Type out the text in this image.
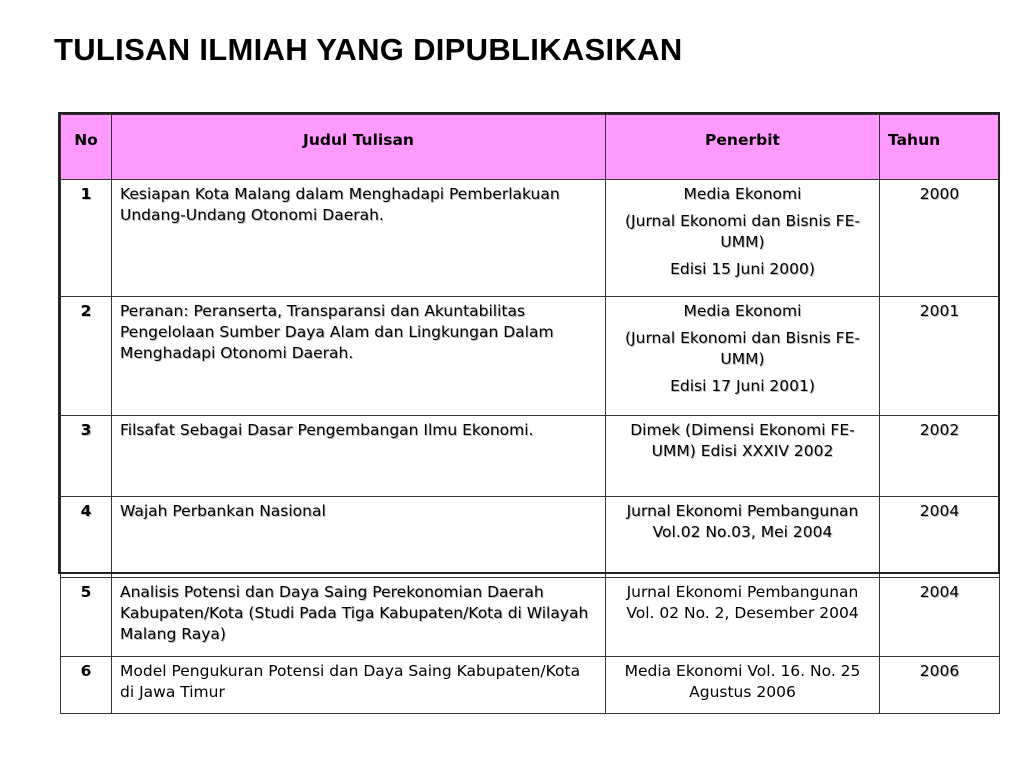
TULISAN ILMIAH YANG DIPUBLIKASIKAN
No	Judul Tulisan	Penerbit	Tahun
1	Kesiapan Kota Malang dalam Menghadapi Pemberlakuan Undang-Undang Otonomi Daerah.	Media Ekonomi
(Jurnal Ekonomi dan Bisnis FE-UMM)
Edisi 15 Juni 2000)	2000
2	Peranan: Peranserta, Transparansi dan Akuntabilitas Pengelolaan Sumber Daya Alam dan Lingkungan Dalam Menghadapi Otonomi Daerah.	Media Ekonomi
(Jurnal Ekonomi dan Bisnis FE-UMM)
Edisi 17 Juni 2001)	2001
3	Filsafat Sebagai Dasar Pengembangan Ilmu Ekonomi.	Dimek (Dimensi Ekonomi FE-UMM) Edisi XXXIV 2002	2002
4	Wajah Perbankan Nasional	Jurnal Ekonomi Pembangunan Vol.02 No.03, Mei 2004	2004
5	Analisis Potensi dan Daya Saing Perekonomian Daerah Kabupaten/Kota (Studi Pada Tiga Kabupaten/Kota di Wilayah Malang Raya)	Jurnal Ekonomi Pembangunan Vol. 02 No. 2, Desember 2004	2004
6	Model Pengukuran Potensi dan Daya Saing Kabupaten/Kota di Jawa Timur	Media Ekonomi Vol. 16. No. 25 Agustus 2006	2006
